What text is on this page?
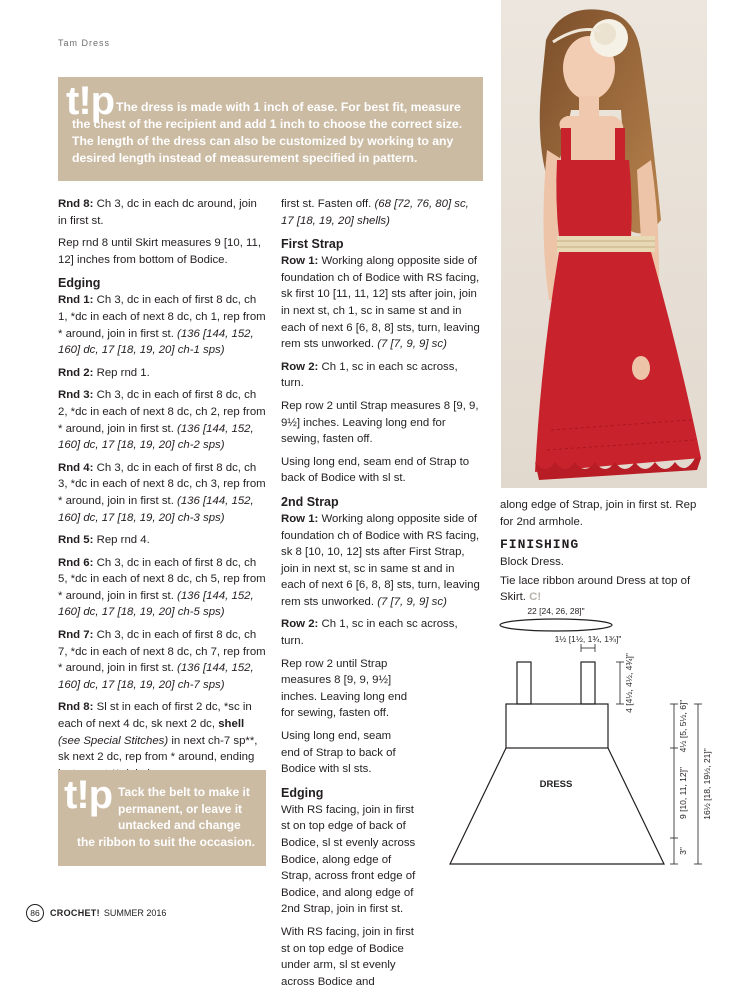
Tam Dress
t!p The dress is made with 1 inch of ease. For best fit, measure the chest of the recipient and add 1 inch to choose the correct size. The length of the dress can also be customized by working to any desired length instead of measurement specified in pattern.

Rnd 8: Ch 3, dc in each dc around, join in first st.

Rep rnd 8 until Skirt measures 9 [10, 11, 12] inches from bottom of Bodice.

Edging

Rnd 1: Ch 3, dc in each of first 8 dc, ch 1, *dc in each of next 8 dc, ch 1, rep from * around, join in first st. (136 [144, 152, 160] dc, 17 [18, 19, 20] ch-1 sps)

Rnd 2: Rep rnd 1.

Rnd 3: Ch 3, dc in each of first 8 dc, ch 2, *dc in each of next 8 dc, ch 2, rep from * around, join in first st. (136 [144, 152, 160] dc, 17 [18, 19, 20] ch-2 sps)

Rnd 4: Ch 3, dc in each of first 8 dc, ch 3, *dc in each of next 8 dc, ch 3, rep from * around, join in first st. (136 [144, 152, 160] dc, 17 [18, 19, 20] ch-3 sps)

Rnd 5: Rep rnd 4.

Rnd 6: Ch 3, dc in each of first 8 dc, ch 5, *dc in each of next 8 dc, ch 5, rep from * around, join in first st. (136 [144, 152, 160] dc, 17 [18, 19, 20] ch-5 sps)

Rnd 7: Ch 3, dc in each of first 8 dc, ch 7, *dc in each of next 8 dc, ch 7, rep from * around, join in first st. (136 [144, 152, 160] dc, 17 [18, 19, 20] ch-7 sps)

Rnd 8: Sl st in each of first 2 dc, *sc in each of next 4 dc, sk next 2 dc, shell (see Special Stitches) in next ch-7 sp**, sk next 2 dc, rep from * around, ending

t!p Tack the belt to make it
permanent, or leave it
untacked and change
the ribbon to suit the occasion.

first st. Fasten off. (68 [72, 76, 80] sc, 17 [18, 19, 20] shells)

First Strap

Row 1: Working along opposite side of foundation ch of Bodice with RS facing, sk first 10 [11, 11, 12] sts after join, join in next st, ch 1, sc in same st and in each of next 6 [6, 8, 8] sts, turn, leaving rem sts unworked. (7 [7, 9, 9] sc)

Row 2: Ch 1, sc in each sc across, turn.

Rep row 2 until Strap measures 8 [9, 9, 9½] inches. Leaving long end for sewing, fasten off.

Using long end, seam end of Strap to back of Bodice with sl st.

2nd Strap

Row 1: Working along opposite side of foundation ch of Bodice with RS facing, sk 8 [10, 10, 12] sts after First Strap, join in next st, sc in same st and in each of next 6 [6, 8, 8] sts, turn, leaving rem sts unworked. (7 [7, 9, 9] sc)

Row 2: Ch 1, sc in each sc across, turn.

Rep row 2 until Strap measures 8 [9, 9, 9½] inches. Leaving long end for sewing, fasten off.

Using long end, seam end of Strap to back of Bodice with sl sts.

Edging

With RS facing, join in first st on top edge of back of Bodice, sl st evenly across Bodice, along edge of Strap, across front edge of Bodice, and along edge of 2nd Strap, join in first st.

With RS facing, join in first st on top edge of Bodice under arm, sl st evenly across Bodice and

along edge of Strap, join in first st. Rep for 2nd armhole.

FINISHING

Block Dress.

Tie lace ribbon around Dress at top of Skirt. C!

22 [24, 26, 28]"
1½ [1½, 1¾, 1¾]"
4 [4½, 4½, 4¾]"
4½ [5, 5½, 6]"
9 [10, 11, 12]"
3"
16½ [18, 19½, 21]"
DRESS
86	CROCHET! SUMMER 2016
